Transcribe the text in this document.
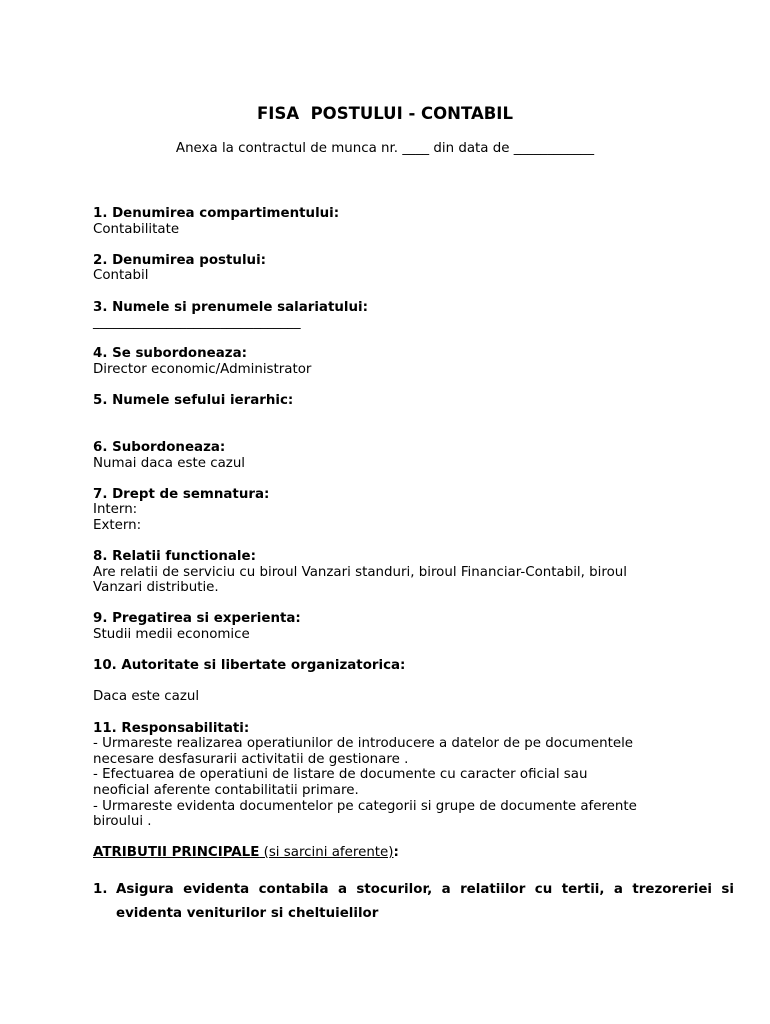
FISA  POSTULUI - CONTABIL
Anexa la contractul de munca nr. ____ din data de ____________
1. Denumirea compartimentului:
Contabilitate
2. Denumirea postului:
Contabil
3. Numele si prenumele salariatului:
_______________________________
4. Se subordoneaza:
Director economic/Administrator
5. Numele sefului ierarhic:
6. Subordoneaza:
Numai daca este cazul
7. Drept de semnatura:
Intern:
Extern:
8. Relatii functionale:
Are relatii de serviciu cu biroul Vanzari standuri, biroul Financiar-Contabil, biroul
Vanzari distributie.
9. Pregatirea si experienta:
Studii medii economice
10. Autoritate si libertate organizatorica:
Daca este cazul
11. Responsabilitati:
- Urmareste realizarea operatiunilor de introducere a datelor de pe documentele
necesare desfasurarii activitatii de gestionare .
- Efectuarea de operatiuni de listare de documente cu caracter oficial sau
neoficial aferente contabilitatii primare.
- Urmareste evidenta documentelor pe categorii si grupe de documente aferente
biroului .
ATRIBUTII PRINCIPALE (si sarcini aferente):
1. Asigura evidenta contabila a stocurilor, a relatiilor cu tertii, a trezoreriei si evidenta veniturilor si cheltuielilor
